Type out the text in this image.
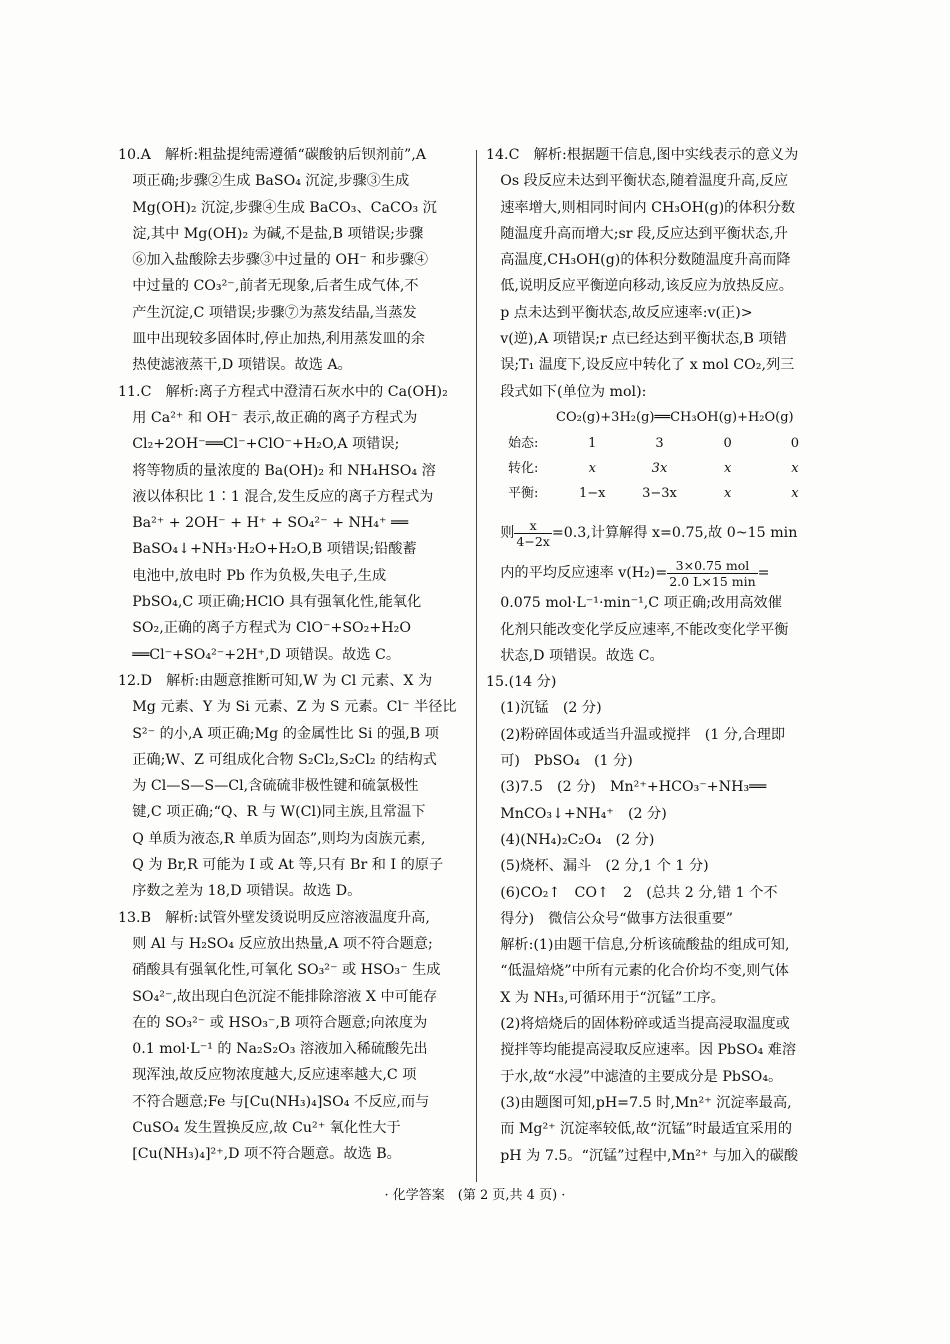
10.A　解析:粗盐提纯需遵循“碳酸钠后钡剂前”,A

项正确;步骤②生成 BaSO₄ 沉淀,步骤③生成

Mg(OH)₂ 沉淀,步骤④生成 BaCO₃、CaCO₃ 沉

淀,其中 Mg(OH)₂ 为碱,不是盐,B 项错误;步骤

⑥加入盐酸除去步骤③中过量的 OH⁻ 和步骤④

中过量的 CO₃²⁻,前者无现象,后者生成气体,不

产生沉淀,C 项错误;步骤⑦为蒸发结晶,当蒸发

皿中出现较多固体时,停止加热,利用蒸发皿的余

热使滤液蒸干,D 项错误。故选 A。

11.C　解析:离子方程式中澄清石灰水中的 Ca(OH)₂

用 Ca²⁺ 和 OH⁻ 表示,故正确的离子方程式为

Cl₂+2OH⁻══Cl⁻+ClO⁻+H₂O,A 项错误;

将等物质的量浓度的 Ba(OH)₂ 和 NH₄HSO₄ 溶

液以体积比 1∶1 混合,发生反应的离子方程式为

Ba²⁺ + 2OH⁻ + H⁺ + SO₄²⁻ + NH₄⁺ ══

BaSO₄↓+NH₃·H₂O+H₂O,B 项错误;铅酸蓄

电池中,放电时 Pb 作为负极,失电子,生成

PbSO₄,C 项正确;HClO 具有强氧化性,能氧化

SO₂,正确的离子方程式为 ClO⁻+SO₂+H₂O

══Cl⁻+SO₄²⁻+2H⁺,D 项错误。故选 C。

12.D　解析:由题意推断可知,W 为 Cl 元素、X 为

Mg 元素、Y 为 Si 元素、Z 为 S 元素。Cl⁻ 半径比

S²⁻ 的小,A 项正确;Mg 的金属性比 Si 的强,B 项

正确;W、Z 可组成化合物 S₂Cl₂,S₂Cl₂ 的结构式

为 Cl—S—S—Cl,含硫硫非极性键和硫氯极性

键,C 项正确;“Q、R 与 W(Cl)同主族,且常温下

Q 单质为液态,R 单质为固态”,则均为卤族元素,

Q 为 Br,R 可能为 I 或 At 等,只有 Br 和 I 的原子

序数之差为 18,D 项错误。故选 D。

13.B　解析:试管外壁发烫说明反应溶液温度升高,

则 Al 与 H₂SO₄ 反应放出热量,A 项不符合题意;

硝酸具有强氧化性,可氧化 SO₃²⁻ 或 HSO₃⁻ 生成

SO₄²⁻,故出现白色沉淀不能排除溶液 X 中可能存

在的 SO₃²⁻ 或 HSO₃⁻,B 项符合题意;向浓度为

0.1 mol·L⁻¹ 的 Na₂S₂O₃ 溶液加入稀硫酸先出

现浑浊,故反应物浓度越大,反应速率越大,C 项

不符合题意;Fe 与[Cu(NH₃)₄]SO₄ 不反应,而与

CuSO₄ 发生置换反应,故 Cu²⁺ 氧化性大于

[Cu(NH₃)₄]²⁺,D 项不符合题意。故选 B。

14.C　解析:根据题干信息,图中实线表示的意义为

Os 段反应未达到平衡状态,随着温度升高,反应

速率增大,则相同时间内 CH₃OH(g)的体积分数

随温度升高而增大;sr 段,反应达到平衡状态,升

高温度,CH₃OH(g)的体积分数随温度升高而降

低,说明反应平衡逆向移动,该反应为放热反应。

p 点未达到平衡状态,故反应速率:v(正)>

v(逆),A 项错误;r 点已经达到平衡状态,B 项错

误;T₁ 温度下,设反应中转化了 x mol CO₂,列三

段式如下(单位为 mol):

CO₂(g)+3H₂(g)══CH₃OH(g)+H₂O(g)

始态:	1	3	0	0
转化:	x	3x	x	x
平衡:	1−x	3−3x	x	x

则 $\frac{x}{4-2x} =0.3$,计算解得 x=0.75,故 0~15 min

内的平均反应速率 $v(H_2)= \frac{\text{3×0.75 mol}}{2.0 L\times 15 \min}$ =

0.075 mol·L⁻¹·min⁻¹,C 项正确;改用高效催

化剂只能改变化学反应速率,不能改变化学平衡

状态,D 项错误。故选 C。

15.(14 分)

(1)沉锰　(2 分)

(2)粉碎固体或适当升温或搅拌　(1 分,合理即

可)　PbSO₄　(1 分)

(3)7.5　(2 分)　Mn²⁺+HCO₃⁻+NH₃══

MnCO₃↓+NH₄⁺　(2 分)

(4)(NH₄)₂C₂O₄　(2 分)

(5)烧杯、漏斗　(2 分,1 个 1 分)

(6)CO₂↑　CO↑　2　(总共 2 分,错 1 个不

得分)　微信公众号“做事方法很重要”

解析:(1)由题干信息,分析该硫酸盐的组成可知,

“低温焙烧”中所有元素的化合价均不变,则气体

X 为 NH₃,可循环用于“沉锰”工序。

(2)将焙烧后的固体粉碎或适当提高浸取温度或

搅拌等均能提高浸取反应速率。因 PbSO₄ 难溶

于水,故“水浸”中滤渣的主要成分是 PbSO₄。

(3)由题图可知,pH=7.5 时,Mn²⁺ 沉淀率最高,

而 Mg²⁺ 沉淀率较低,故“沉锰”时最适宜采用的

pH 为 7.5。“沉锰”过程中,Mn²⁺ 与加入的碳酸

· 化学答案　(第 2 页,共 4 页) ·
